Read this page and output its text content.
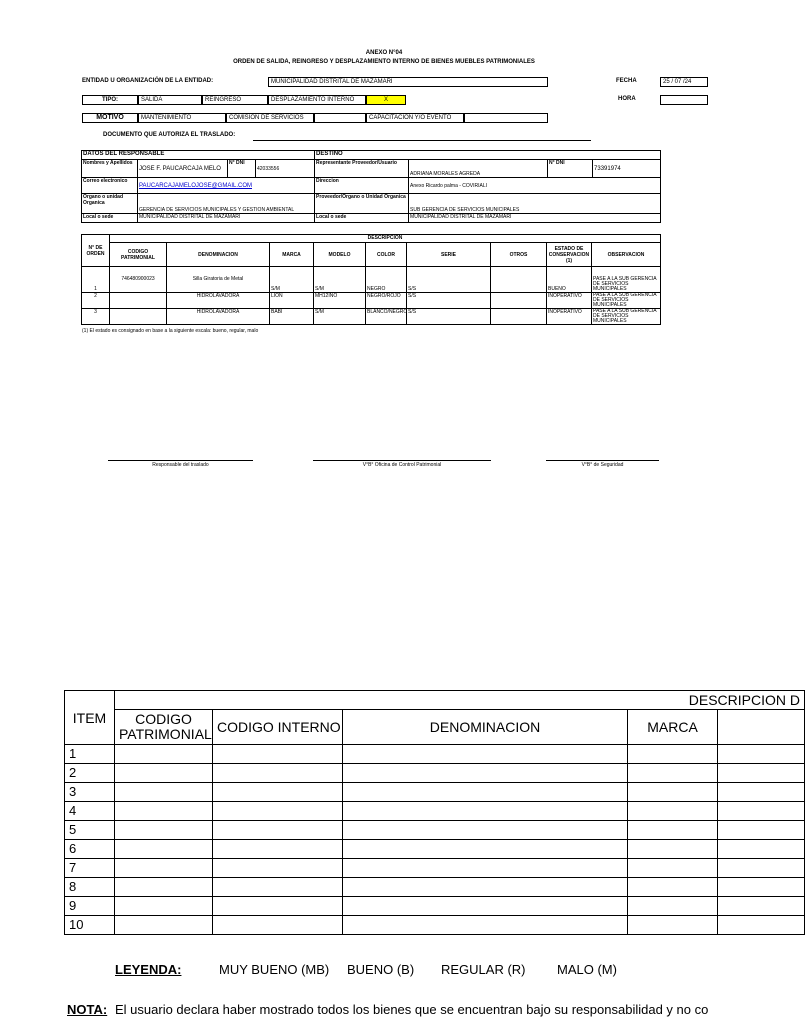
ANEXO N°04
ORDEN DE SALIDA, REINGRESO Y DESPLAZAMIENTO INTERNO DE BIENES MUEBLES PATRIMONIALES
ENTIDAD U ORGANIZACIÓN DE LA ENTIDAD:	MUNICIPALIDAD DISTRITAL DE MAZAMARI	FECHA	25 / 07 /24
HORA
TIPO:	SALIDA	REINGRESO	DESPLAZAMIENTO INTERNO	X
MOTIVO	MANTENIMIENTO	COMISION DE SERVICIOS	CAPACITACION Y/O EVENTO
DOCUMENTO QUE AUTORIZA EL TRASLADO:
DATOS DEL RESPONSABLE				DESTINO			
Nombres y Apellidos	JOSE F. PAUCARCAJA MELO	N° DNI	42033556	Representante Proveedor/Usuario	ADRIANA MORALES AGREDA	N° DNI	73391974
Correo electronico	PAUCARCAJAMELOJOSE@GMAIL.COM			Direccion	Anexo Ricardo palma - COVIRIALI		
Organo o unidad Organica	GERENCIA DE SERVICIOS MUNICIPALES Y GESTION AMBIENTAL			Proveedor/Organo o Unidad Organica	SUB GERENCIA DE SERVICIOS MUNICIPALES		
Local o sede	MUNICIPALIDAD DISTRITAL DE MAZAMARI			Local o sede	MUNICIPALIDAD DISTRITAL DE MAZAMARI		
N° DE ORDEN	DESCRIPCION								
	CODIGO PATRIMONIAL	DENOMINACION	MARCA	MODELO	COLOR	SERIE	OTROS	ESTADO DE CONSERVACION (1)	OBSERVACION
1	746480900023	Silla Giratoria de Metal	S/M	S/M	NEGRO	S/S		BUENO	PASE A LA SUB GERENCIA DE SERVICIOS MUNICIPALES
2		HIDROLAVADORA	LION	MH12INO	NEGRO/ROJO	S/S		INOPERATIVO	PASE A LA SUB GERENCIA DE SERVICIOS MUNICIPALES
3		HIDROLAVADORA	BABI	S/M	BLANCO/NEGRO	S/S		INOPERATIVO	PASE A LA SUB GERENCIA DE SERVICIOS MUNICIPALES
(1) El estado es consignado en base a la siguiente escala: bueno, regular, malo
Responsable del traslado	V°B° Oficina de Control Patrimonial	V°B° de Seguridad
ITEM	DESCRIPCION D				
	CODIGO PATRIMONIAL	CODIGO INTERNO	DENOMINACION	MARCA	
1					
2					
3					
4					
5					
6					
7					
8					
9					
10					
LEYENDA:	MUY BUENO (MB) BUENO (B) REGULAR (R) MALO (M)
NOTA: El usuario declara haber mostrado todos los bienes que se encuentran bajo su responsabilidad y no co
